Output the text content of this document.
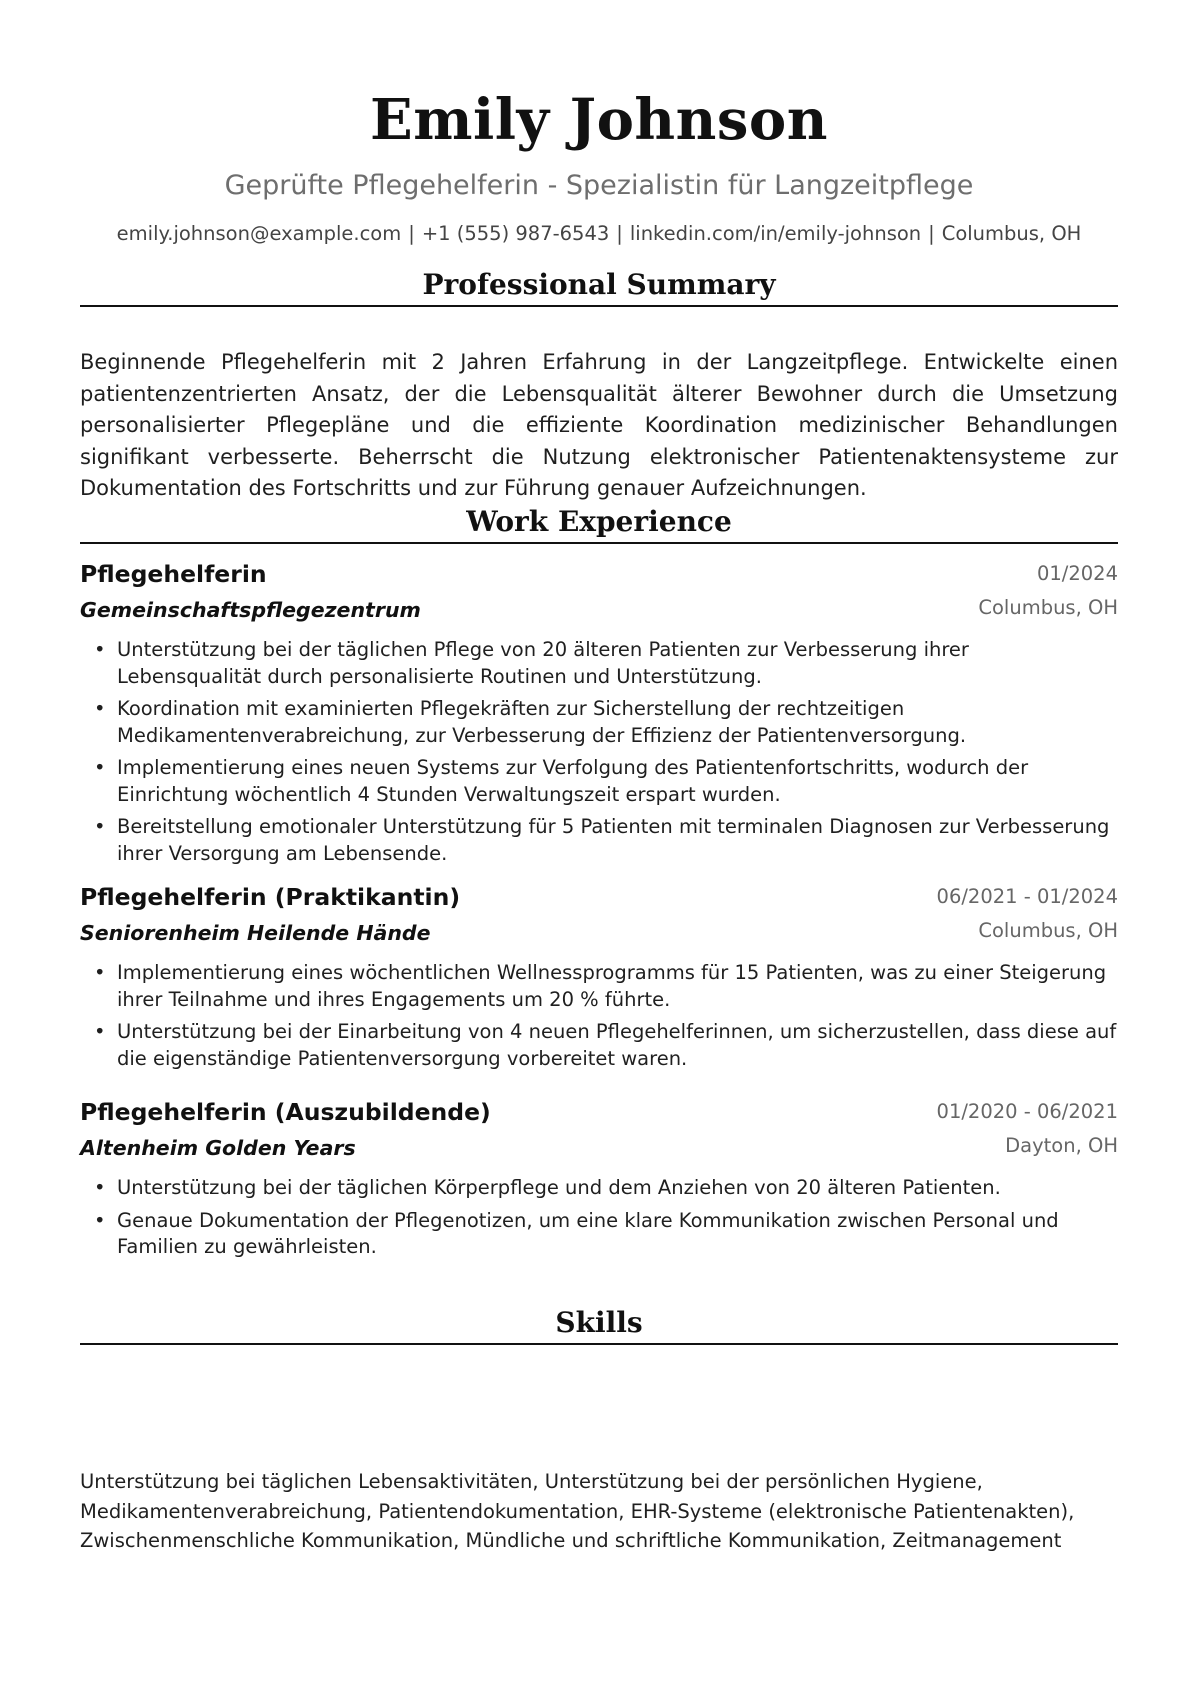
Emily Johnson
Geprüfte Pflegehelferin - Spezialistin für Langzeitpflege
emily.johnson@example.com | +1 (555) 987-6543 | linkedin.com/in/emily-johnson | Columbus, OH
Professional Summary
Beginnende Pflegehelferin mit 2 Jahren Erfahrung in der Langzeitpflege. Entwickelte einen patientenzentrierten Ansatz, der die Lebensqualität älterer Bewohner durch die Umsetzung personalisierter Pflegepläne und die effiziente Koordination medizinischer Behandlungen signifikant verbesserte. Beherrscht die Nutzung elektronischer Patientenaktensysteme zur Dokumentation des Fortschritts und zur Führung genauer Aufzeichnungen.
Work Experience
Pflegehelferin	01/2024
Gemeinschaftspflegezentrum	Columbus, OH
• Unterstützung bei der täglichen Pflege von 20 älteren Patienten zur Verbesserung ihrer Lebensqualität durch personalisierte Routinen und Unterstützung.
• Koordination mit examinierten Pflegekräften zur Sicherstellung der rechtzeitigen Medikamentenverabreichung, zur Verbesserung der Effizienz der Patientenversorgung.
• Implementierung eines neuen Systems zur Verfolgung des Patientenfortschritts, wodurch der Einrichtung wöchentlich 4 Stunden Verwaltungszeit erspart wurden.
• Bereitstellung emotionaler Unterstützung für 5 Patienten mit terminalen Diagnosen zur Verbesserung ihrer Versorgung am Lebensende.
Pflegehelferin (Praktikantin)	06/2021 - 01/2024
Seniorenheim Heilende Hände	Columbus, OH
• Implementierung eines wöchentlichen Wellnessprogramms für 15 Patienten, was zu einer Steigerung ihrer Teilnahme und ihres Engagements um 20 % führte.
• Unterstützung bei der Einarbeitung von 4 neuen Pflegehelferinnen, um sicherzustellen, dass diese auf die eigenständige Patientenversorgung vorbereitet waren.
Pflegehelferin (Auszubildende)	01/2020 - 06/2021
Altenheim Golden Years	Dayton, OH
• Unterstützung bei der täglichen Körperpflege und dem Anziehen von 20 älteren Patienten.
• Genaue Dokumentation der Pflegenotizen, um eine klare Kommunikation zwischen Personal und Familien zu gewährleisten.
Skills
Unterstützung bei täglichen Lebensaktivitäten, Unterstützung bei der persönlichen Hygiene, Medikamentenverabreichung, Patientendokumentation, EHR-Systeme (elektronische Patientenakten), Zwischenmenschliche Kommunikation, Mündliche und schriftliche Kommunikation, Zeitmanagement
